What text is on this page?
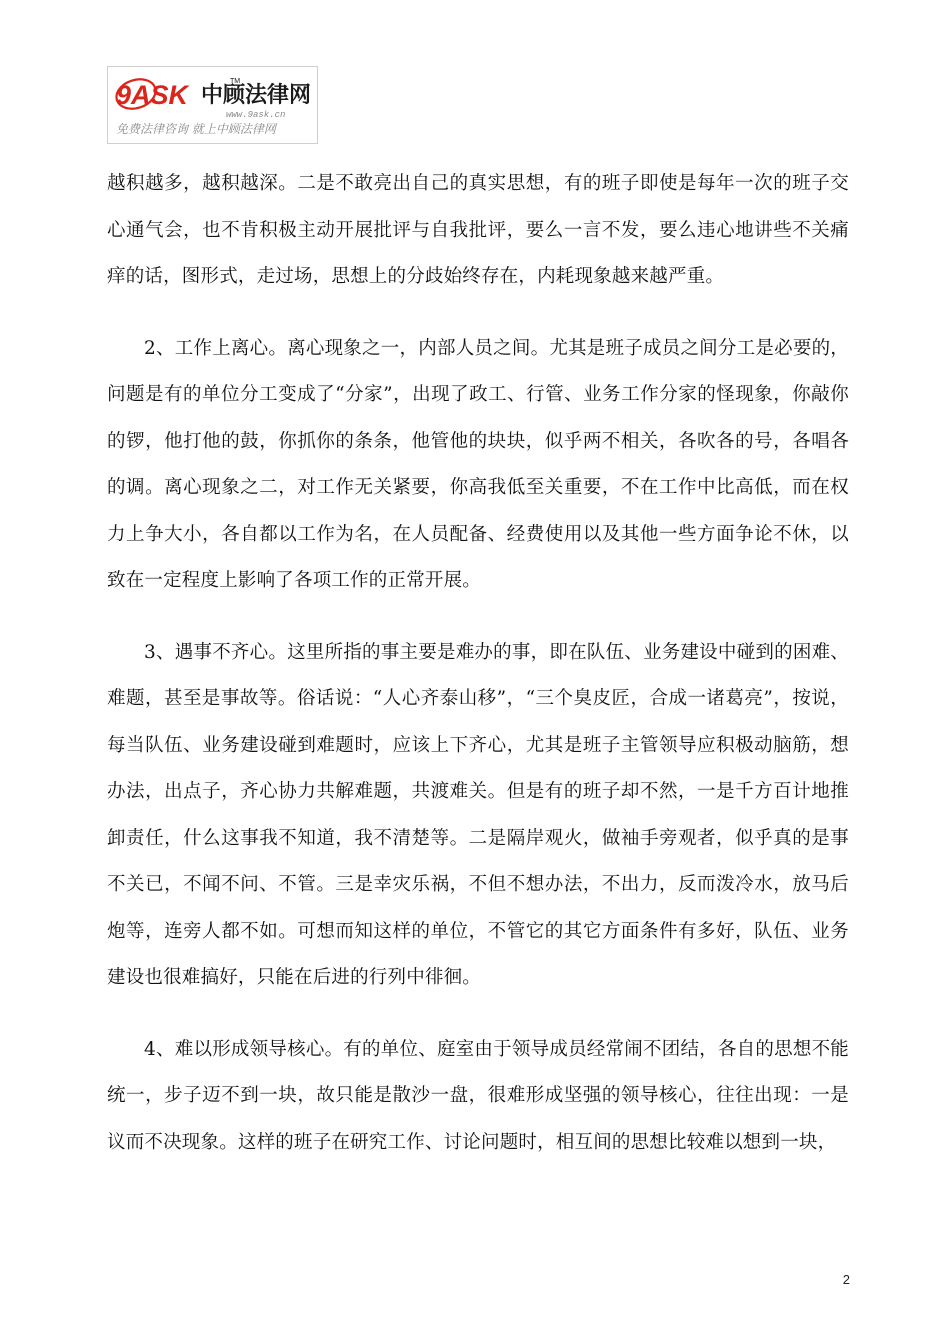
9ASK 中顾法律网
TM
www.9ask.cn
免费法律咨询 就上中顾法律网

越积越多，越积越深。二是不敢亮出自己的真实思想，有的班子即使是每年一次的班子交心通气会，也不肯积极主动开展批评与自我批评，要么一言不发，要么违心地讲些不关痛痒的话，图形式，走过场，思想上的分歧始终存在，内耗现象越来越严重。

2、工作上离心。离心现象之一，内部人员之间。尤其是班子成员之间分工是必要的，问题是有的单位分工变成了“分家”，出现了政工、行管、业务工作分家的怪现象，你敲你的锣，他打他的鼓，你抓你的条条，他管他的块块，似乎两不相关，各吹各的号，各唱各的调。离心现象之二，对工作无关紧要，你高我低至关重要，不在工作中比高低，而在权力上争大小，各自都以工作为名，在人员配备、经费使用以及其他一些方面争论不休，以致在一定程度上影响了各项工作的正常开展。

3、遇事不齐心。这里所指的事主要是难办的事，即在队伍、业务建设中碰到的困难、难题，甚至是事故等。俗话说：“人心齐泰山移”，“三个臭皮匠，合成一诸葛亮”，按说，每当队伍、业务建设碰到难题时，应该上下齐心，尤其是班子主管领导应积极动脑筋，想办法，出点子，齐心协力共解难题，共渡难关。但是有的班子却不然，一是千方百计地推卸责任，什么这事我不知道，我不清楚等。二是隔岸观火，做袖手旁观者，似乎真的是事不关已，不闻不问、不管。三是幸灾乐祸，不但不想办法，不出力，反而泼冷水，放马后炮等，连旁人都不如。可想而知这样的单位，不管它的其它方面条件有多好，队伍、业务建设也很难搞好，只能在后进的行列中徘徊。

4、难以形成领导核心。有的单位、庭室由于领导成员经常闹不团结，各自的思想不能统一，步子迈不到一块，故只能是散沙一盘，很难形成坚强的领导核心，往往出现：一是议而不决现象。这样的班子在研究工作、讨论问题时，相互间的思想比较难以想到一块，

2
